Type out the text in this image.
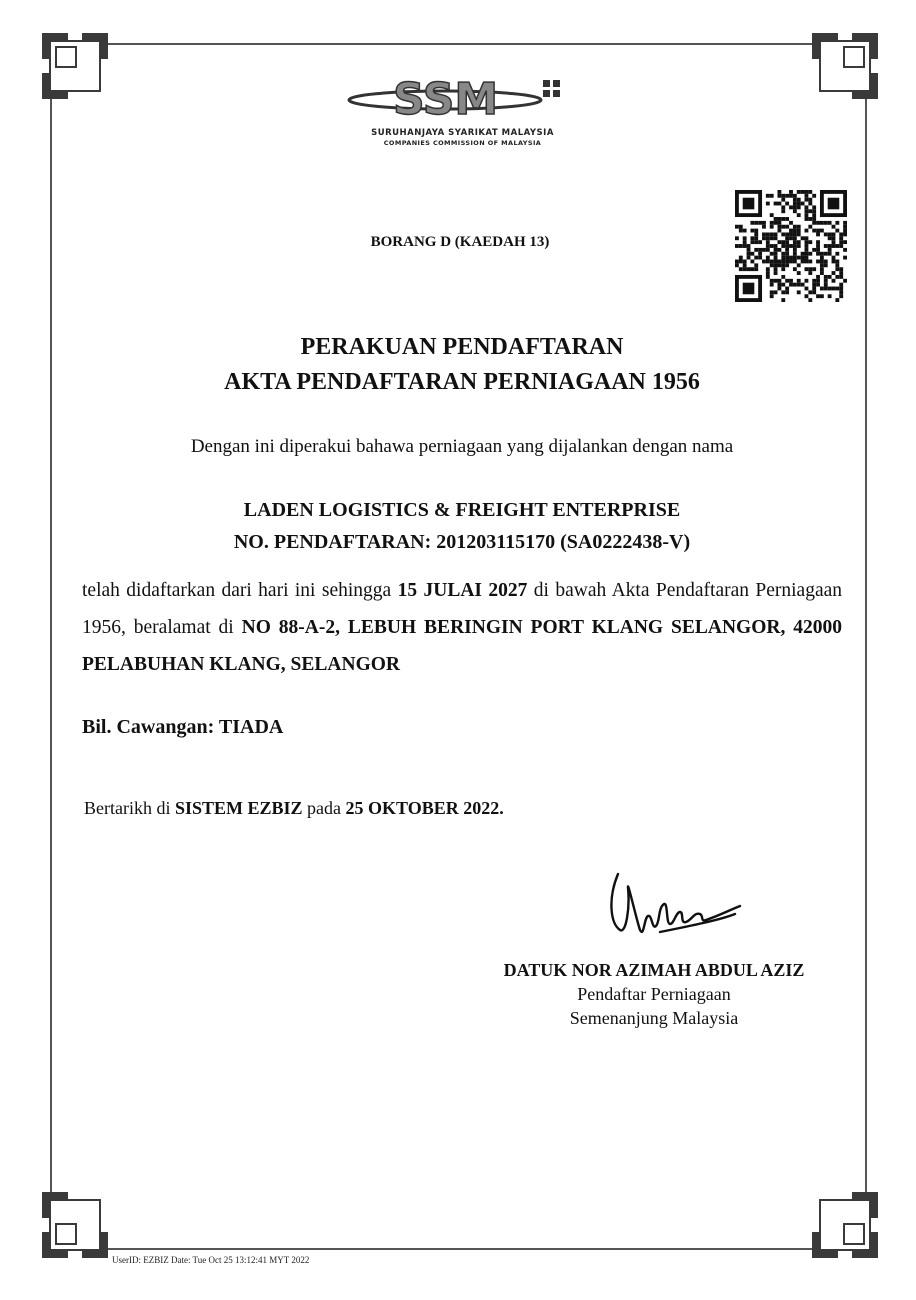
SSM
SURUHANJAYA SYARIKAT MALAYSIA
COMPANIES COMMISSION OF MALAYSIA
BORANG D (KAEDAH 13)
PERAKUAN PENDAFTARAN
AKTA PENDAFTARAN PERNIAGAAN 1956
Dengan ini diperakui bahawa perniagaan yang dijalankan dengan nama
LADEN LOGISTICS & FREIGHT ENTERPRISE
NO. PENDAFTARAN: 201203115170 (SA0222438-V)
telah didaftarkan dari hari ini sehingga 15 JULAI 2027 di bawah Akta Pendaftaran Perniagaan 1956, beralamat di NO 88-A-2, LEBUH BERINGIN PORT KLANG SELANGOR, 42000 PELABUHAN KLANG, SELANGOR
Bil. Cawangan: TIADA
Bertarikh di SISTEM EZBIZ pada 25 OKTOBER 2022.
DATUK NOR AZIMAH ABDUL AZIZ
Pendaftar Perniagaan
Semenanjung Malaysia
UserID: EZBIZ Date: Tue Oct 25 13:12:41 MYT 2022
